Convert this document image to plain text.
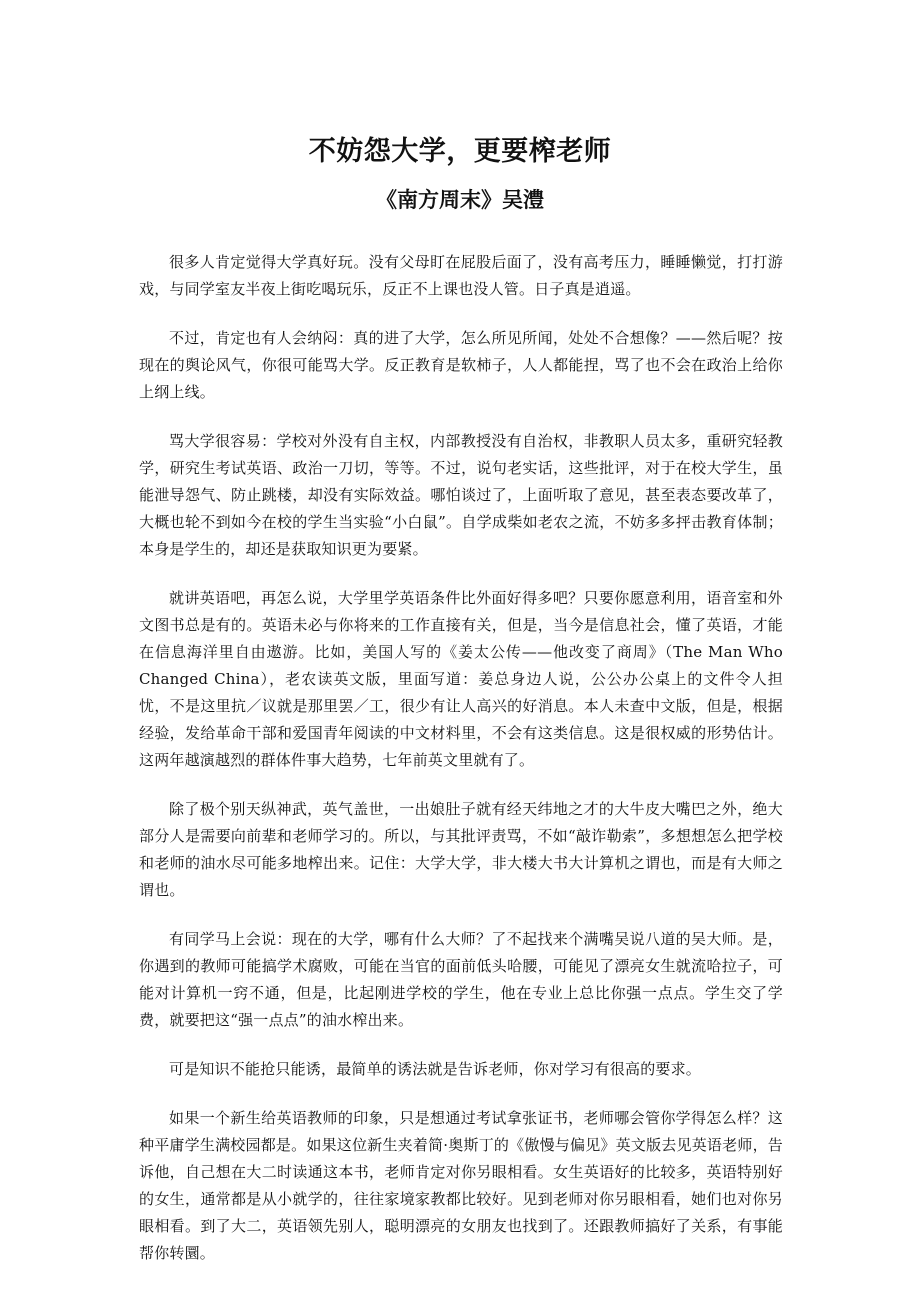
不妨怨大学，更要榨老师
《南方周末》吴澧

很多人肯定觉得大学真好玩。没有父母盯在屁股后面了，没有高考压力，睡睡懒觉，打打游戏，与同学室友半夜上街吃喝玩乐，反正不上课也没人管。日子真是逍遥。

不过，肯定也有人会纳闷：真的进了大学，怎么所见所闻，处处不合想像？——然后呢？按现在的舆论风气，你很可能骂大学。反正教育是软柿子，人人都能捏，骂了也不会在政治上给你上纲上线。

骂大学很容易：学校对外没有自主权，内部教授没有自治权，非教职人员太多，重研究轻教学，研究生考试英语、政治一刀切，等等。不过，说句老实话，这些批评，对于在校大学生，虽能泄导怨气、防止跳楼，却没有实际效益。哪怕谈过了，上面听取了意见，甚至表态要改革了，大概也轮不到如今在校的学生当实验“小白鼠”。自学成柴如老农之流，不妨多多抨击教育体制；本身是学生的，却还是获取知识更为要紧。

就讲英语吧，再怎么说，大学里学英语条件比外面好得多吧？只要你愿意利用，语音室和外文图书总是有的。英语未必与你将来的工作直接有关，但是，当今是信息社会，懂了英语，才能在信息海洋里自由遨游。比如，美国人写的《姜太公传——他改变了商周》（The Man Who Changed China），老农读英文版，里面写道：姜总身边人说，公公办公桌上的文件令人担忧，不是这里抗／议就是那里罢／工，很少有让人高兴的好消息。本人未查中文版，但是，根据经验，发给革命干部和爱国青年阅读的中文材料里，不会有这类信息。这是很权威的形势估计。这两年越演越烈的群体件事大趋势，七年前英文里就有了。

除了极个别天纵神武，英气盖世，一出娘肚子就有经天纬地之才的大牛皮大嘴巴之外，绝大部分人是需要向前辈和老师学习的。所以，与其批评责骂，不如“敲诈勒索”，多想想怎么把学校和老师的油水尽可能多地榨出来。记住：大学大学，非大楼大书大计算机之谓也，而是有大师之谓也。

有同学马上会说：现在的大学，哪有什么大师？了不起找来个满嘴吴说八道的吴大师。是，你遇到的教师可能搞学术腐败，可能在当官的面前低头哈腰，可能见了漂亮女生就流哈拉子，可能对计算机一窍不通，但是，比起刚进学校的学生，他在专业上总比你强一点点。学生交了学费，就要把这“强一点点”的油水榨出来。

可是知识不能抢只能诱，最简单的诱法就是告诉老师，你对学习有很高的要求。

如果一个新生给英语教师的印象，只是想通过考试拿张证书，老师哪会管你学得怎么样？这种平庸学生满校园都是。如果这位新生夹着简·奥斯丁的《傲慢与偏见》英文版去见英语老师，告诉他，自己想在大二时读通这本书，老师肯定对你另眼相看。女生英语好的比较多，英语特别好的女生，通常都是从小就学的，往往家境家教都比较好。见到老师对你另眼相看，她们也对你另眼相看。到了大二，英语领先别人，聪明漂亮的女朋友也找到了。还跟教师搞好了关系，有事能帮你转圜。
